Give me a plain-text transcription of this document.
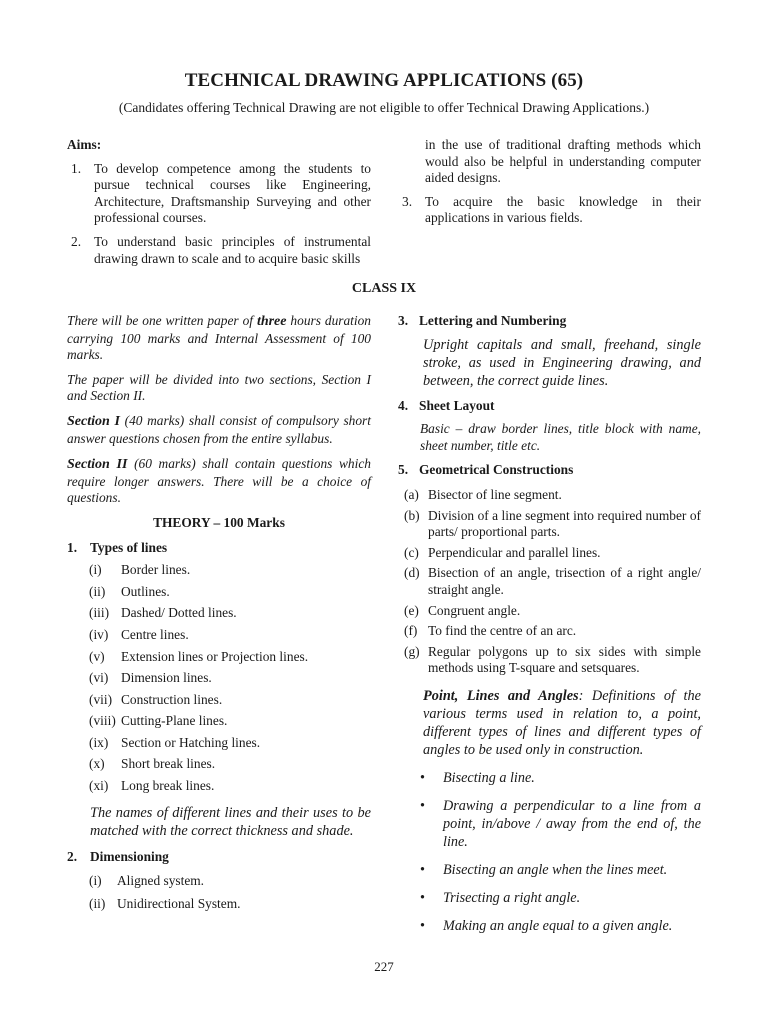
TECHNICAL DRAWING APPLICATIONS (65)
(Candidates offering Technical Drawing are not eligible to offer Technical Drawing Applications.)
Aims:
1. To develop competence among the students to pursue technical courses like Engineering, Architecture, Draftsmanship Surveying and other professional courses.
2. To understand basic principles of instrumental drawing drawn to scale and to acquire basic skills
in the use of traditional drafting methods which would also be helpful in understanding computer aided designs.
3. To acquire the basic knowledge in their applications in various fields.
CLASS IX
There will be one written paper of three hours duration carrying 100 marks and Internal Assessment of 100 marks.
The paper will be divided into two sections, Section I and Section II.
Section I (40 marks) shall consist of compulsory short answer questions chosen from the entire syllabus.
Section II (60 marks) shall contain questions which require longer answers. There will be a choice of questions.
THEORY – 100 Marks
1. Types of lines
(i) Border lines.
(ii) Outlines.
(iii) Dashed/ Dotted lines.
(iv) Centre lines.
(v) Extension lines or Projection lines.
(vi) Dimension lines.
(vii) Construction lines.
(viii) Cutting-Plane lines.
(ix) Section or Hatching lines.
(x) Short break lines.
(xi) Long break lines.
The names of different lines and their uses to be matched with the correct thickness and shade.
2. Dimensioning
(i) Aligned system.
(ii) Unidirectional System.
3. Lettering and Numbering
Upright capitals and small, freehand, single stroke, as used in Engineering drawing, and between, the correct guide lines.
4. Sheet Layout
Basic – draw border lines, title block with name, sheet number, title etc.
5. Geometrical Constructions
(a) Bisector of line segment.
(b) Division of a line segment into required number of parts/ proportional parts.
(c) Perpendicular and parallel lines.
(d) Bisection of an angle, trisection of a right angle/ straight angle.
(e) Congruent angle.
(f) To find the centre of an arc.
(g) Regular polygons up to six sides with simple methods using T-square and setsquares.
Point, Lines and Angles: Definitions of the various terms used in relation to, a point, different types of lines and different types of angles to be used only in construction.
• Bisecting a line.
• Drawing a perpendicular to a line from a point, in/above / away from the end of, the line.
• Bisecting an angle when the lines meet.
• Trisecting a right angle.
• Making an angle equal to a given angle.
227
